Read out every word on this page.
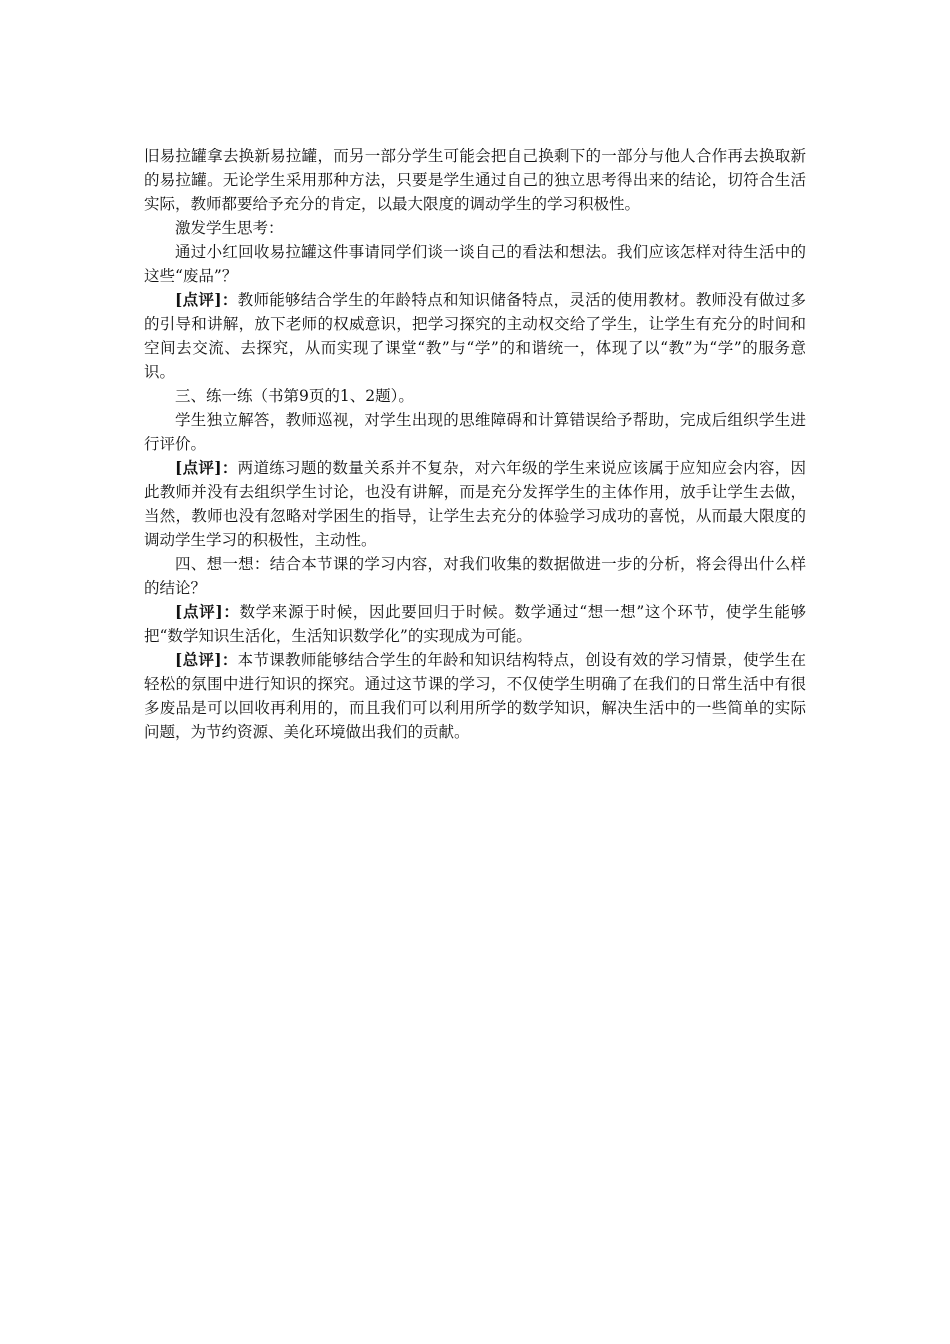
旧易拉罐拿去换新易拉罐，而另一部分学生可能会把自己换剩下的一部分与他人合作再去换取新的易拉罐。无论学生采用那种方法，只要是学生通过自己的独立思考得出来的结论，切符合生活实际，教师都要给予充分的肯定，以最大限度的调动学生的学习积极性。

激发学生思考：

通过小红回收易拉罐这件事请同学们谈一谈自己的看法和想法。我们应该怎样对待生活中的这些“废品”？

[点评]：教师能够结合学生的年龄特点和知识储备特点，灵活的使用教材。教师没有做过多的引导和讲解，放下老师的权威意识，把学习探究的主动权交给了学生，让学生有充分的时间和空间去交流、去探究，从而实现了课堂“教”与“学”的和谐统一，体现了以“教”为“学”的服务意识。

三、练一练（书第9页的1、2题）。

学生独立解答，教师巡视，对学生出现的思维障碍和计算错误给予帮助，完成后组织学生进行评价。

[点评]：两道练习题的数量关系并不复杂，对六年级的学生来说应该属于应知应会内容，因此教师并没有去组织学生讨论，也没有讲解，而是充分发挥学生的主体作用，放手让学生去做，当然，教师也没有忽略对学困生的指导，让学生去充分的体验学习成功的喜悦，从而最大限度的调动学生学习的积极性，主动性。

四、想一想：结合本节课的学习内容，对我们收集的数据做进一步的分析，将会得出什么样的结论？

[点评]：数学来源于时候，因此要回归于时候。数学通过“想一想”这个环节，使学生能够把“数学知识生活化，生活知识数学化”的实现成为可能。

[总评]：本节课教师能够结合学生的年龄和知识结构特点，创设有效的学习情景，使学生在轻松的氛围中进行知识的探究。通过这节课的学习，不仅使学生明确了在我们的日常生活中有很多废品是可以回收再利用的，而且我们可以利用所学的数学知识，解决生活中的一些简单的实际问题，为节约资源、美化环境做出我们的贡献。
